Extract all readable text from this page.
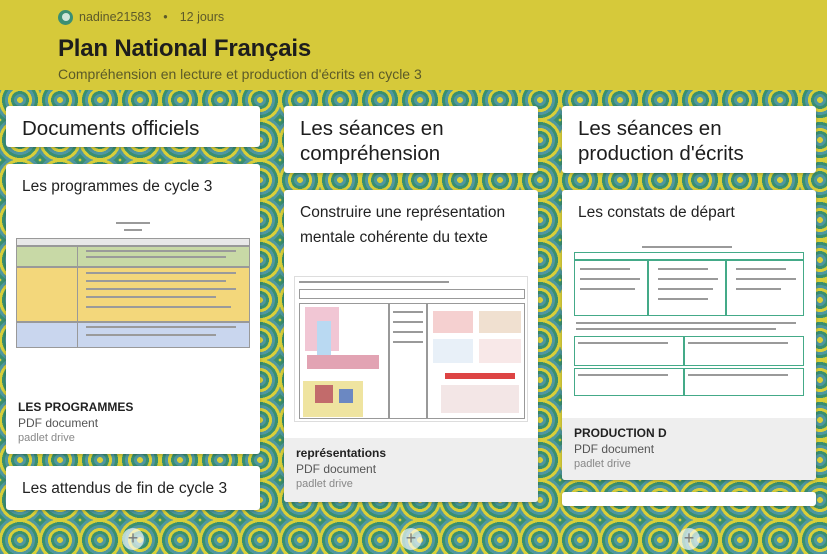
nadine21583 • 12 jours
Plan National Français
Compréhension en lecture et production d'écrits en cycle 3
Documents officiels
Les programmes de cycle 3
LES PROGRAMMES
PDF document
padlet drive
Les attendus de fin de cycle 3
Les séances en compréhension
Construire une représentation mentale cohérente du texte
représentations
PDF document
padlet drive
Les séances en production d'écrits
Les constats de départ
PRODUCTION D
PDF document
padlet drive
+	+	+
